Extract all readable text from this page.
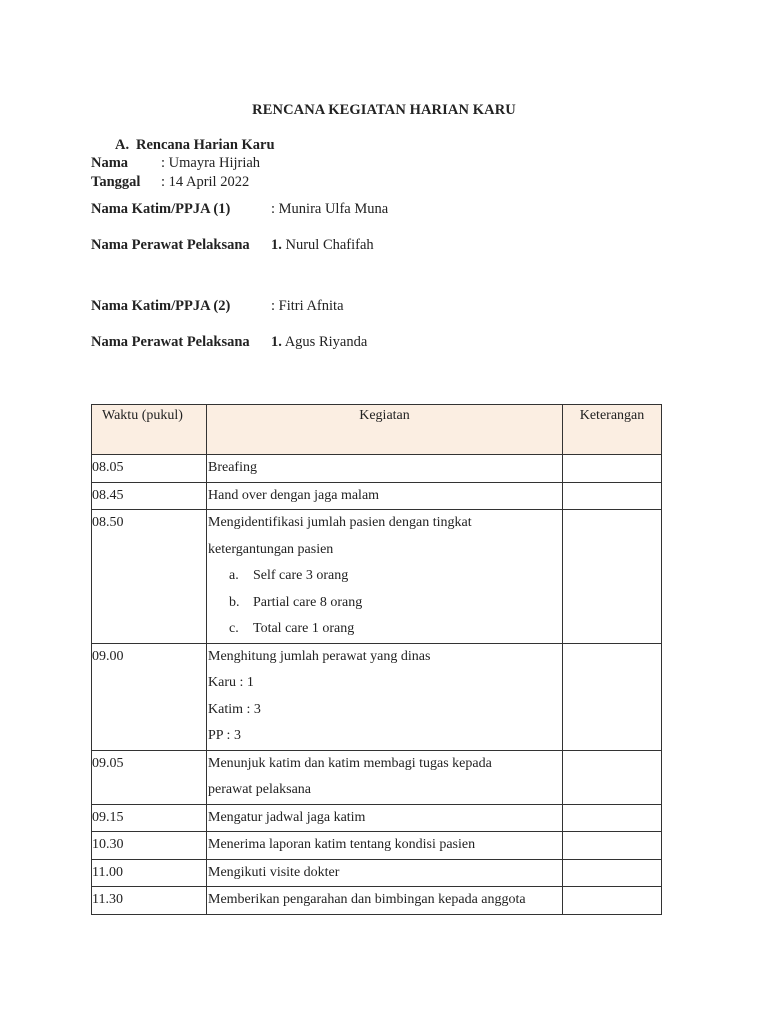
RENCANA KEGIATAN HARIAN KARU
A. Rencana Harian Karu
Nama : Umayra Hijriah
Tanggal : 14 April 2022
Nama Katim/PPJA (1)	: Munira Ulfa Muna
Nama Perawat Pelaksana 1. Nurul Chafifah
Nama Katim/PPJA (2)	: Fitri Afnita
Nama Perawat Pelaksana 1. Agus Riyanda
Waktu (pukul)	Kegiatan	Keterangan
08.05	Breafing	

08.45	Hand over dengan jaga malam	

08.50	Mengidentifikasi jumlah pasien dengan tingkat
ketergantungan pasien
a. Self care 3 orang
b. Partial care 8 orang
c. Total care 1 orang	

09.00	Menghitung jumlah perawat yang dinas
Karu : 1
Katim : 3
PP : 3	

09.05	Menunjuk katim dan katim membagi tugas kepada
perawat pelaksana	

09.15	Mengatur jadwal jaga katim	

10.30	Menerima laporan katim tentang kondisi pasien	

11.00	Mengikuti visite dokter	

11.30	Memberikan pengarahan dan bimbingan kepada anggota	
